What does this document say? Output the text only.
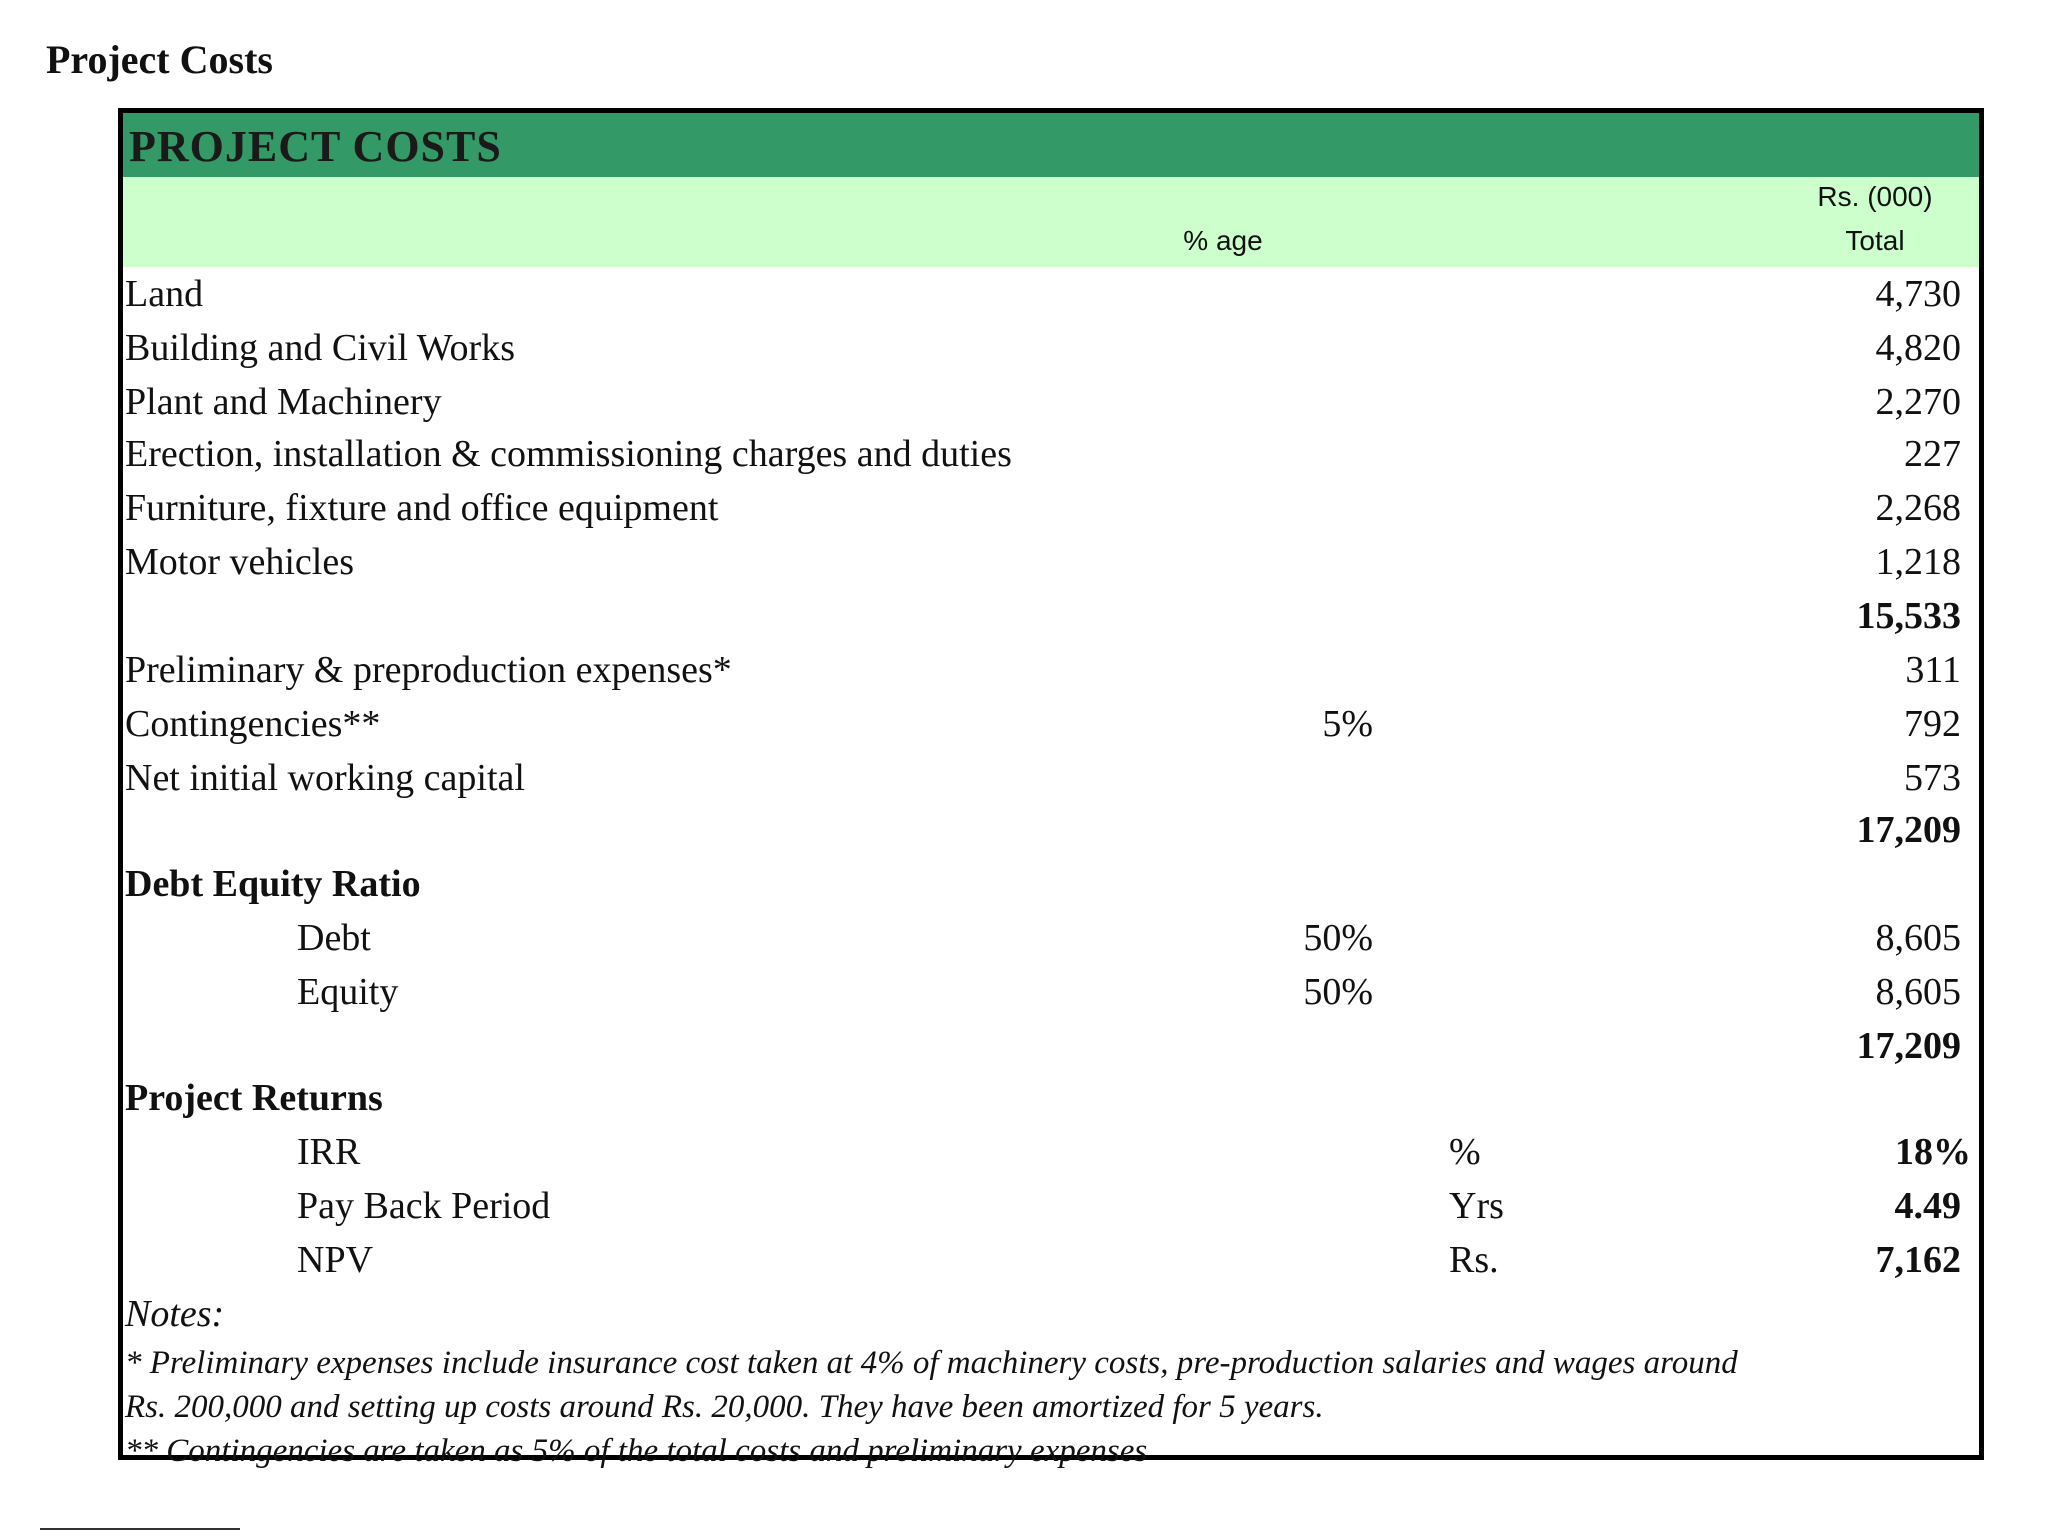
Project Costs
PROJECT COSTS
Rs. (000)
% age	Total
Land	4,730
Building and Civil Works	4,820
Plant and Machinery	2,270
Erection, installation & commissioning charges and duties	227
Furniture, fixture and office equipment	2,268
Motor vehicles	1,218
15,533
Preliminary & preproduction expenses*	311
Contingencies**	5%	792
Net initial working capital	573
17,209
Debt Equity Ratio
Debt	50%	8,605
Equity	50%	8,605
17,209
Project Returns
IRR	%	18%
Pay Back Period	Yrs	4.49
NPV	Rs.	7,162
Notes:
* Preliminary expenses include insurance cost taken at 4% of machinery costs, pre-production salaries and wages around
Rs. 200,000 and setting up costs around Rs. 20,000. They have been amortized for 5 years.
** Contingencies are taken as 5% of the total costs and preliminary expenses
